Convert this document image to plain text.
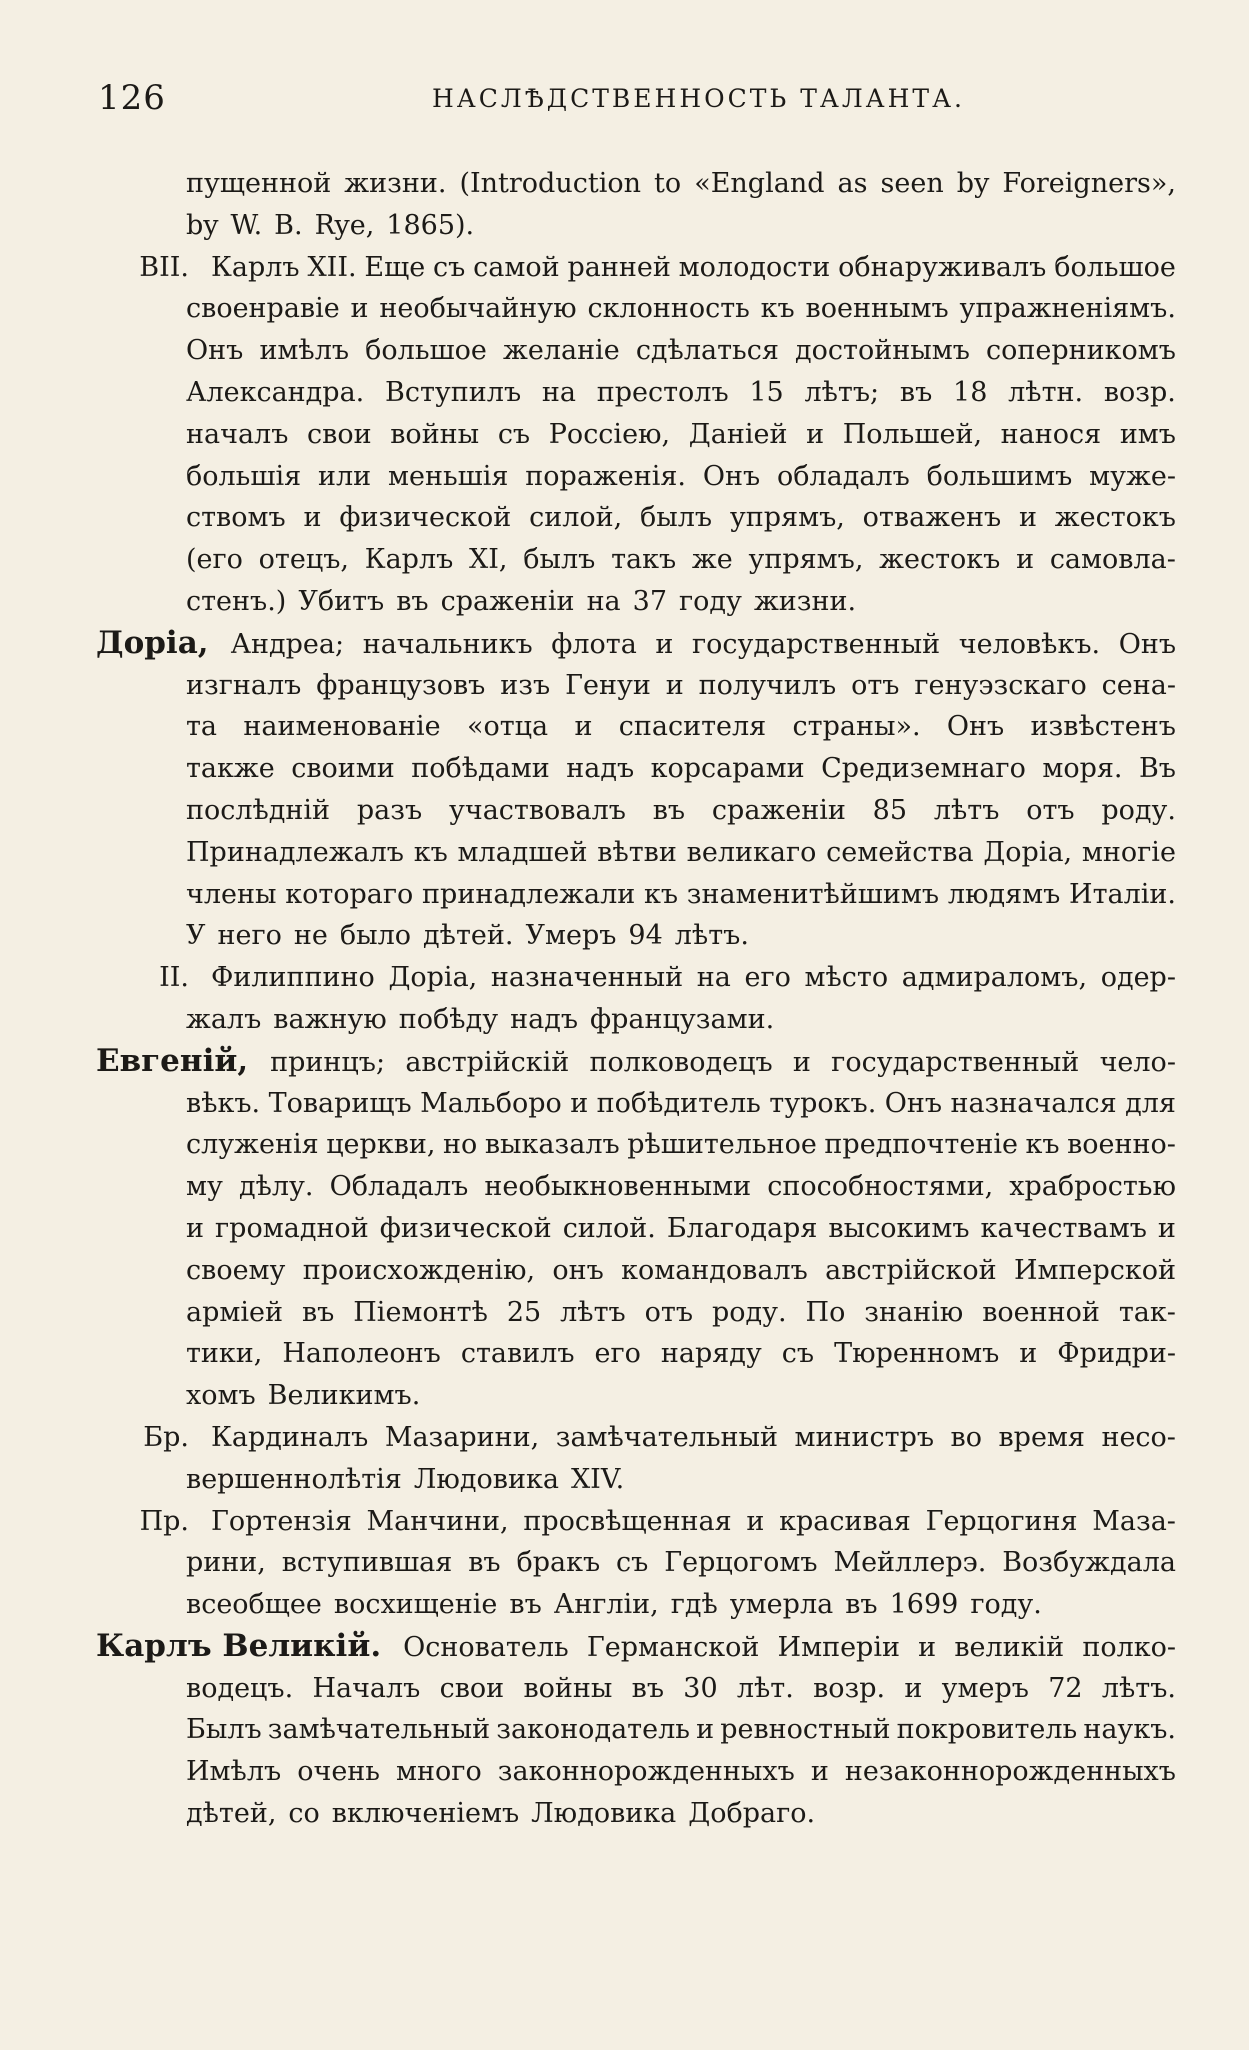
126	НАСЛѢДСТВЕННОСТЬ ТАЛАНТА.
пущенной жизни. (Introduction to «England as seen by Foreigners»,
by W. B. Rye, 1865).
ВII. Карлъ XII. Еще съ самой ранней молодости обнаруживалъ большое
своенравіе и необычайную склонность къ военнымъ упражненіямъ.
Онъ имѣлъ большое желаніе сдѣлаться достойнымъ соперникомъ
Александра. Вступилъ на престолъ 15 лѣтъ; въ 18 лѣтн. возр.
началъ свои войны съ Россіею, Даніей и Польшей, нанося имъ
большія или меньшія пораженія. Онъ обладалъ большимъ муже-
ствомъ и физической силой, былъ упрямъ, отваженъ и жестокъ
(его отецъ, Карлъ XI, былъ такъ же упрямъ, жестокъ и самовла-
стенъ.) Убитъ въ сраженіи на 37 году жизни.
Доріа, Андреа; начальникъ флота и государственный человѣкъ. Онъ
изгналъ французовъ изъ Генуи и получилъ отъ генуэзскаго сена-
та наименованіе «отца и спасителя страны». Онъ извѣстенъ
также своими побѣдами надъ корсарами Средиземнаго моря. Въ
послѣдній разъ участвовалъ въ сраженіи 85 лѣтъ отъ роду.
Принадлежалъ къ младшей вѣтви великаго семейства Доріа, многіе
члены котораго принадлежали къ знаменитѣйшимъ людямъ Италіи.
У него не было дѣтей. Умеръ 94 лѣтъ.
II. Филиппино Доріа, назначенный на его мѣсто адмираломъ, одер-
жалъ важную побѣду надъ французами.
Евгеній, принцъ; австрійскій полководецъ и государственный чело-
вѣкъ. Товарищъ Мальборо и побѣдитель турокъ. Онъ назначался для
служенія церкви, но выказалъ рѣшительное предпочтеніе къ военно-
му дѣлу. Обладалъ необыкновенными способностями, храбростью
и громадной физической силой. Благодаря высокимъ качествамъ и
своему происхожденію, онъ командовалъ австрійской Имперской
арміей въ Піемонтѣ 25 лѣтъ отъ роду. По знанію военной так-
тики, Наполеонъ ставилъ его наряду съ Тюренномъ и Фридри-
хомъ Великимъ.
Бр. Кардиналъ Мазарини, замѣчательный министръ во время несо-
вершеннолѣтія Людовика XIV.
Пр. Гортензія Манчини, просвѣщенная и красивая Герцогиня Маза-
рини, вступившая въ бракъ съ Герцогомъ Мейллерэ. Возбуждала
всеобщее восхищеніе въ Англіи, гдѣ умерла въ 1699 году.
Карлъ Великій. Основатель Германской Имперіи и великій полко-
водецъ. Началъ свои войны въ 30 лѣт. возр. и умеръ 72 лѣтъ.
Былъ замѣчательный законодатель и ревностный покровитель наукъ.
Имѣлъ очень много законнорожденныхъ и незаконнорожденныхъ
дѣтей, со включеніемъ Людовика Добраго.
